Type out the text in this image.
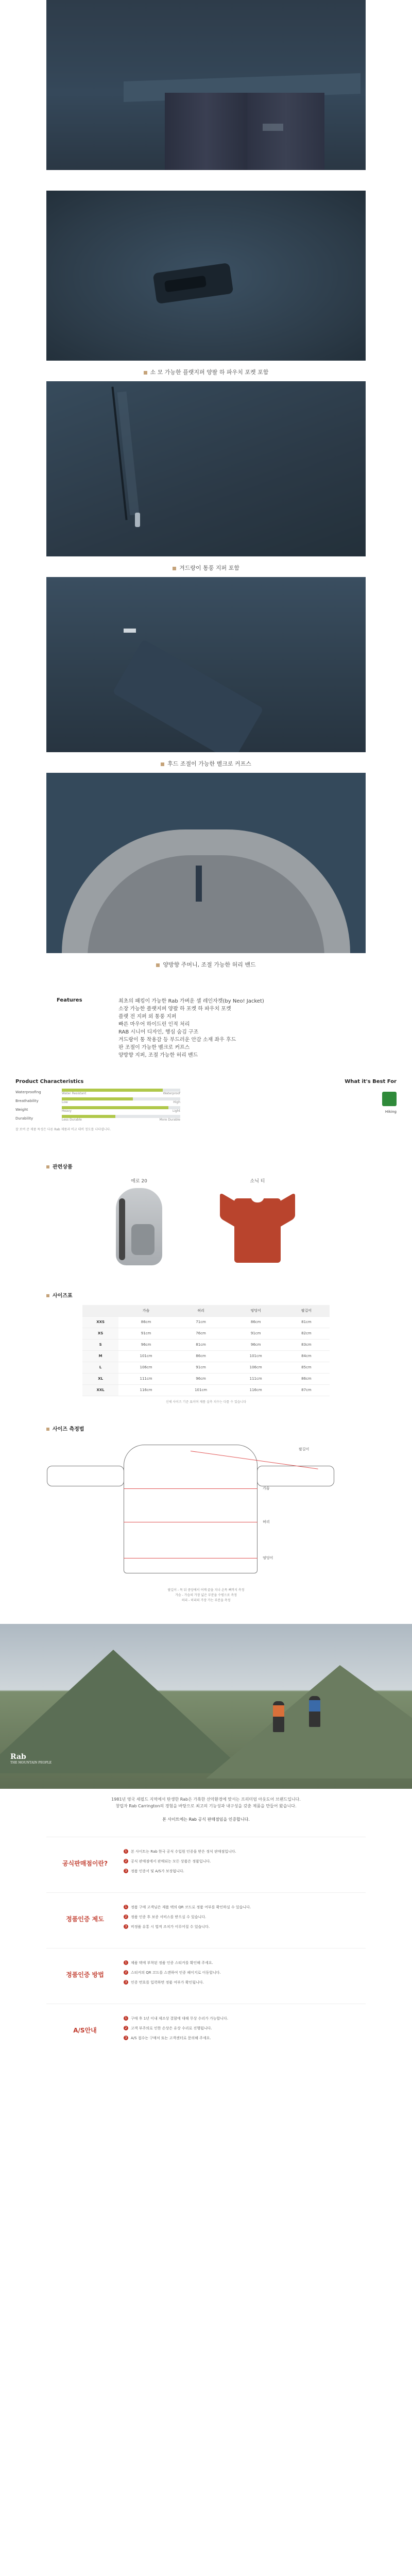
소 모 가능한 플랫지퍼 양팔 하 파우치 포켓 포함
겨드랑이 통풍 지퍼 포함
후드 조절이 가능한 벨크로 커프스
양방향 주머니, 조절 가능한 허리 밴드
Features	최초의 패킹이 가능한 Rab 가벼운 셀 레인자켓(by Neo! Jacket)
소장 가능한 플랫지퍼 양팔 하 포켓 하 파우치 포켓
플랫 전 지퍼 외 통풍 지퍼
빠른 마우어 하이드린 인적 처리
RAB 시니어 디자인, 행심 숨김 구조
겨드랑이 통 착용감 등 부드러운 안감 소재 좌우 후드
판 조절이 가능한 벨크로 커프스
양방향 지퍼, 조절 가능한 허리 밴드
Product Characteristics
Waterproofing	Water Resistant	Waterproof
Breathability	Low	High
Weight	Heavy	Light
Durability	Less Durable	More Durable
What it's Best For
Hiking
잘 보여 준 제품 특성은 다른 Rab 제품과 비교 대비 정도를 나타냅니다.
관련상품
에로 20	소닉 티
사이즈표
	가슴	허리	엉덩이	팔길이
XXS	86cm	71cm	86cm	81cm
XS	91cm	76cm	91cm	82cm
S	96cm	81cm	96cm	83cm
M	101cm	86cm	101cm	84cm
L	106cm	91cm	106cm	85cm
XL	111cm	96cm	111cm	86cm
XXL	116cm	101cm	116cm	87cm
신체 사이즈 기준 표이며 제품 실측 치수는 다를 수 있습니다
사이즈 측정법
팔길이
가슴
허리
엉덩이
팔길이 - 목 뒤 중앙에서 어깨 끝을 지나 손목 뼈까지 측정
가슴 - 가슴의 가장 넓은 부분을 수평으로 측정
허리 - 허리의 가장 가는 부분을 측정
Rab
THE MOUNTAIN PEOPLE
1981년 영국 셰필드 지역에서 탄생한 Rab은 가혹한 산악환경에 맞서는 프리미엄 아웃도어 브랜드입니다.
창립자 Rab Carrington의 경험을 바탕으로 최고의 기능성과 내구성을 갖춘 제품을 만들어 왔습니다.
본 사이트에는 Rab 공식 판매점임을 인증합니다.
공식판매점이란?
1	본 사이트는 Rab 한국 공식 수입원 인증을 받은 정식 판매점입니다.
2	공식 판매점에서 판매되는 모든 상품은 정품입니다.
3	정품 인증서 및 A/S가 보장됩니다.
정품인증 제도
1	정품 구매 고객님은 제품 택의 QR 코드로 정품 여부를 확인하실 수 있습니다.
2	정품 인증 후 보증 서비스를 받으실 수 있습니다.
3	비정품 유통 시 법적 조치가 이루어질 수 있습니다.
정품인증 방법
1	제품 택에 부착된 정품 인증 스티커를 확인해 주세요.
2	스티커의 QR 코드를 스캔하여 인증 페이지로 이동합니다.
3	인증 번호를 입력하면 정품 여부가 확인됩니다.
A/S안내
1	구매 후 1년 이내 제조상 결함에 대해 무상 수리가 가능합니다.
2	고객 부주의로 인한 손상은 유상 수리로 진행됩니다.
3	A/S 접수는 구매처 또는 고객센터로 문의해 주세요.
